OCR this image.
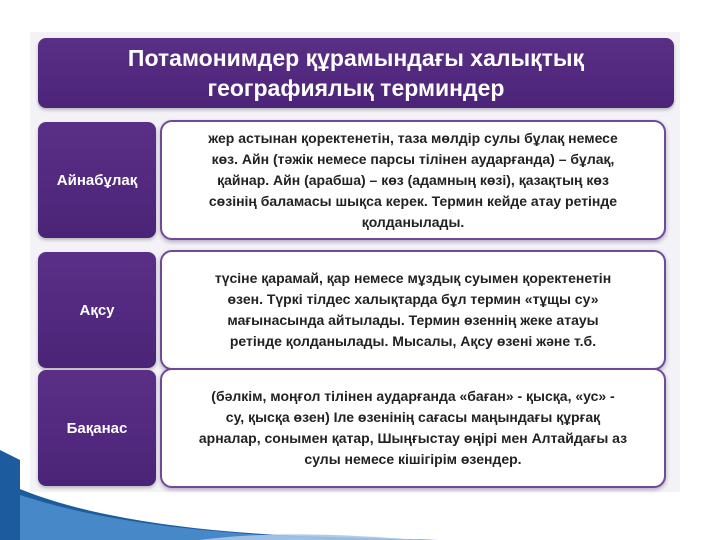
Потамонимдер құрамындағы халықтық
географиялық терминдер
Айнабұлақ
жер астынан қоректенетін, таза мөлдір сулы бұлақ немесе
көз. Айн (тәжік немесе парсы тілінен аударғанда) – бұлақ,
қайнар. Айн (арабша) – көз (адамның көзі), қазақтың көз
сөзінің баламасы шықса керек. Термин кейде атау ретінде
қолданылады.
Ақсу
түсіне қарамай, қар немесе мұздық суымен қоректенетін
өзен. Түркі тілдес халықтарда бұл термин «тұщы су»
мағынасында айтылады. Термин өзеннің жеке атауы
ретінде қолданылады. Мысалы, Ақсу өзені және т.б.
Бақанас
(бәлкім, моңғол тілінен аударғанда «баған» - қысқа, «ус» -
су, қысқа өзен) Іле өзенінің сағасы маңындағы құрғақ
арналар, сонымен қатар, Шыңғыстау өңірі мен Алтайдағы аз
сулы немесе кішігірім өзендер.
